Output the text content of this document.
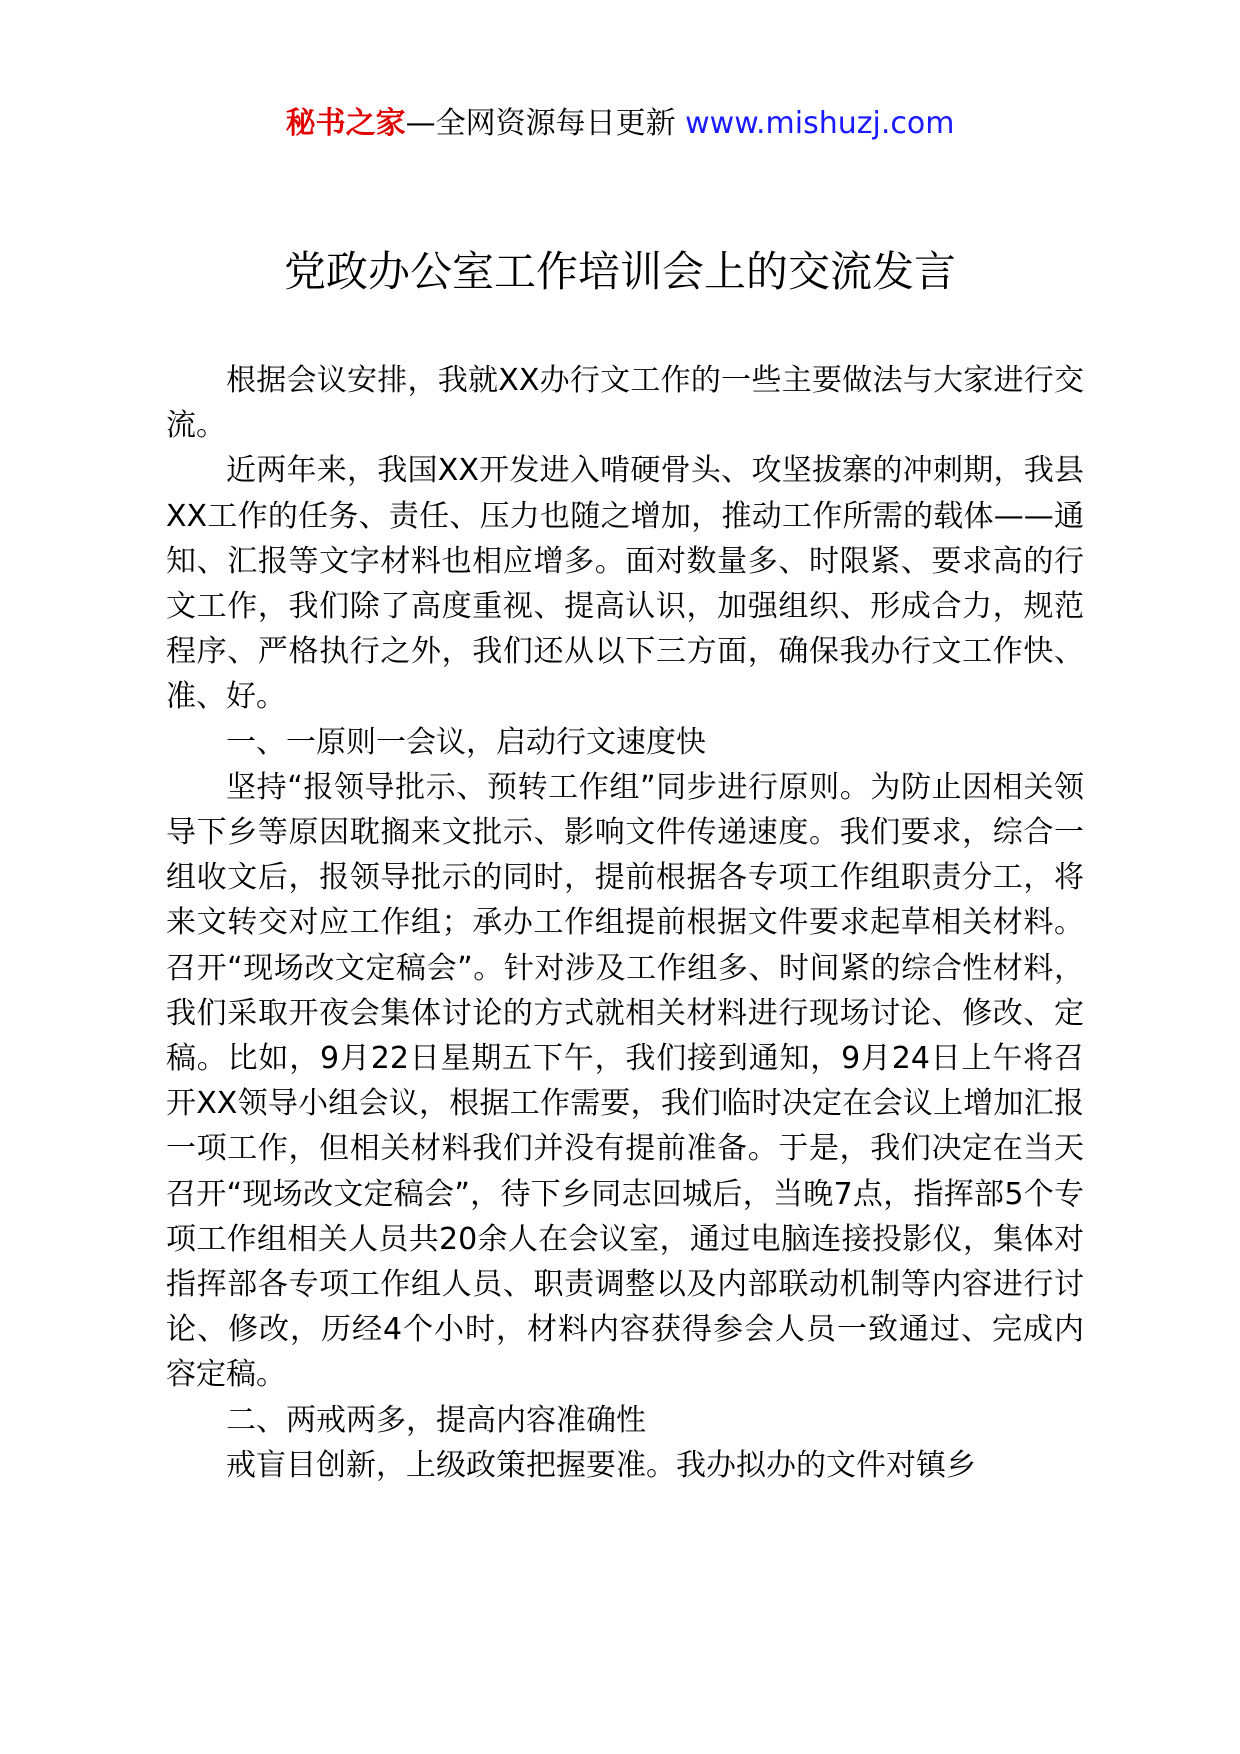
秘书之家—全网资源每日更新 www.mishuzj.com
党政办公室工作培训会上的交流发言

根据会议安排，我就XX办行文工作的一些主要做法与大家进行交流。

近两年来，我国XX开发进入啃硬骨头、攻坚拔寨的冲刺期，我县XX工作的任务、责任、压力也随之增加，推动工作所需的载体——通知、汇报等文字材料也相应增多。面对数量多、时限紧、要求高的行文工作，我们除了高度重视、提高认识，加强组织、形成合力，规范程序、严格执行之外，我们还从以下三方面，确保我办行文工作快、准、好。

一、一原则一会议，启动行文速度快

坚持“报领导批示、预转工作组”同步进行原则。为防止因相关领导下乡等原因耽搁来文批示、影响文件传递速度。我们要求，综合一组收文后，报领导批示的同时，提前根据各专项工作组职责分工，将来文转交对应工作组；承办工作组提前根据文件要求起草相关材料。召开“现场改文定稿会”。针对涉及工作组多、时间紧的综合性材料，我们采取开夜会集体讨论的方式就相关材料进行现场讨论、修改、定稿。比如，9月22日星期五下午，我们接到通知，9月24日上午将召开XX领导小组会议，根据工作需要，我们临时决定在会议上增加汇报一项工作，但相关材料我们并没有提前准备。于是，我们决定在当天召开“现场改文定稿会”，待下乡同志回城后，当晚7点，指挥部5个专项工作组相关人员共20余人在会议室，通过电脑连接投影仪，集体对指挥部各专项工作组人员、职责调整以及内部联动机制等内容进行讨论、修改，历经4个小时，材料内容获得参会人员一致通过、完成内容定稿。

二、两戒两多，提高内容准确性

戒盲目创新，上级政策把握要准。我办拟办的文件对镇乡
